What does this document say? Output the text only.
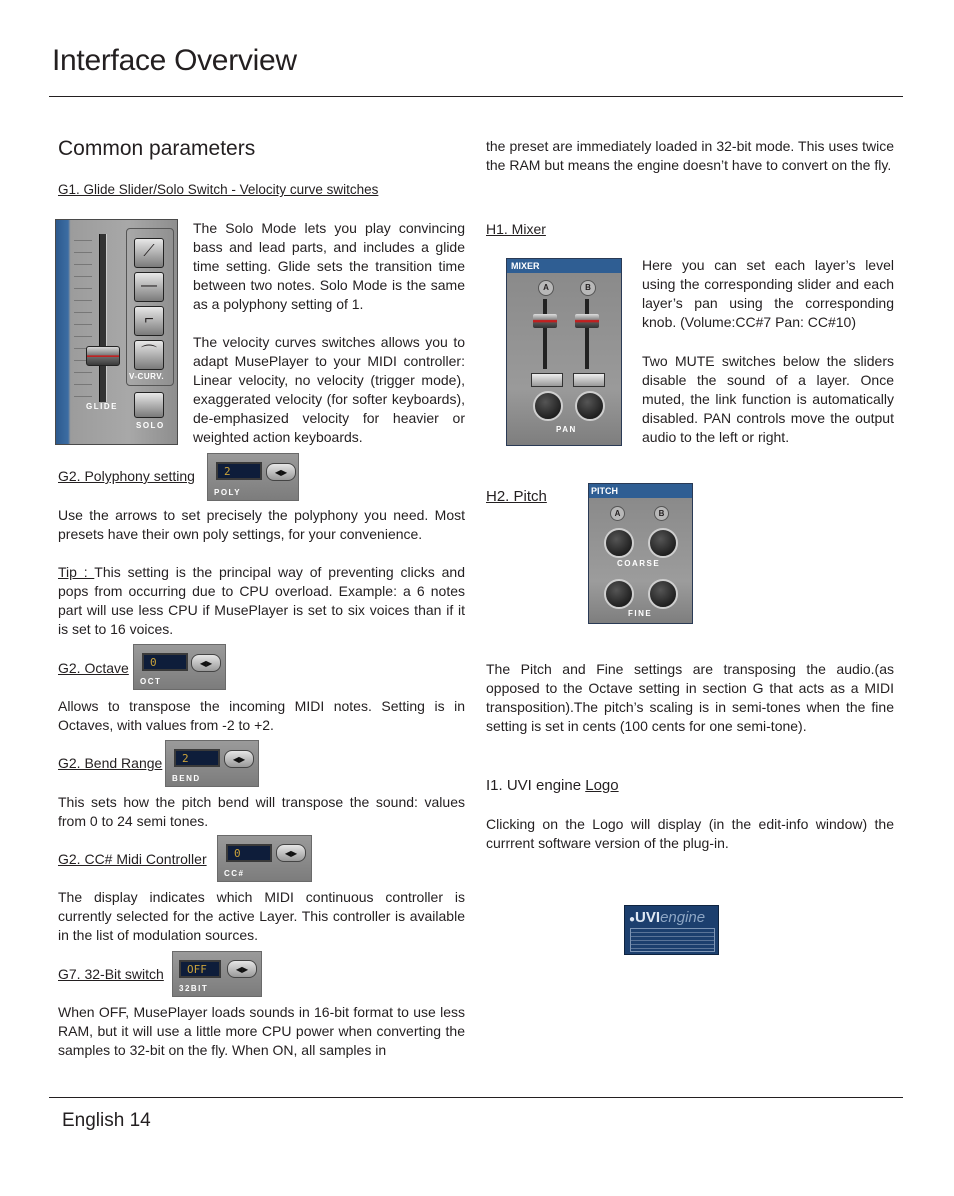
Interface Overview
Common parameters
G1. Glide Slider/Solo Switch - Velocity curve switches
⟋
—
⌐
⌒
V-CURV.
GLIDE
SOLO
The Solo Mode lets you play convincing bass and lead parts, and includes a glide time setting. Glide sets the transition time between two notes. Solo Mode is the same as a polyphony setting of 1.
The velocity curves switches allows you to adapt MusePlayer to your MIDI controller: Linear velocity, no velocity (trigger mode), exaggerated velocity (for softer keyboards), de-emphasized velocity for heavier or weighted action keyboards.
G2. Polyphony setting	2	◀▶
POLY
Use the arrows to set precisely the polyphony you need. Most presets have their own poly settings, for your convenience.
Tip : This setting is the principal way of preventing clicks and pops from occurring due to CPU overload. Example: a 6 notes part will use less CPU if MusePlayer is set to six voices than if it is set to 16 voices.
G2. Octave	0	◀▶
OCT
Allows to transpose the incoming MIDI notes. Setting is in Octaves, with values from -2 to +2.
G2. Bend Range	2	◀▶
BEND
This sets how the pitch bend will transpose the sound: values from 0 to 24 semi tones.
G2. CC# Midi Controller	0	◀▶
CC#
The display indicates which MIDI continuous controller is currently selected for the active Layer. This controller is available in the list of modulation sources.
G7. 32-Bit switch	OFF	◀▶
32BIT
When OFF, MusePlayer loads sounds in 16-bit format to use less RAM, but it will use a little more CPU power when converting the samples to 32-bit on the fly. When ON, all samples in
the preset are immediately loaded in 32-bit mode. This uses twice the RAM but means the engine doesn’t have to convert on the fly.
H1. Mixer
MIXER
A	B
PAN
Here you can set each layer’s level using the corresponding slider and each layer’s pan using the corresponding knob. (Volume:CC#7 Pan: CC#10)
Two MUTE switches below the sliders disable the sound of a layer. Once muted, the link function is automatically disabled. PAN controls move the output audio to the left or right.
H2. Pitch	PITCH
A	B
COARSE
FINE
The Pitch and Fine settings are transposing the audio.(as opposed to the Octave setting in section G that acts as a MIDI transposition).The pitch’s scaling is in semi-tones when the fine setting is set in cents (100 cents for one semi-tone).
I1. UVI engine Logo
Clicking on the Logo will display (in the edit-info window) the currrent software version of the plug-in.
●UVIengine
English 14
